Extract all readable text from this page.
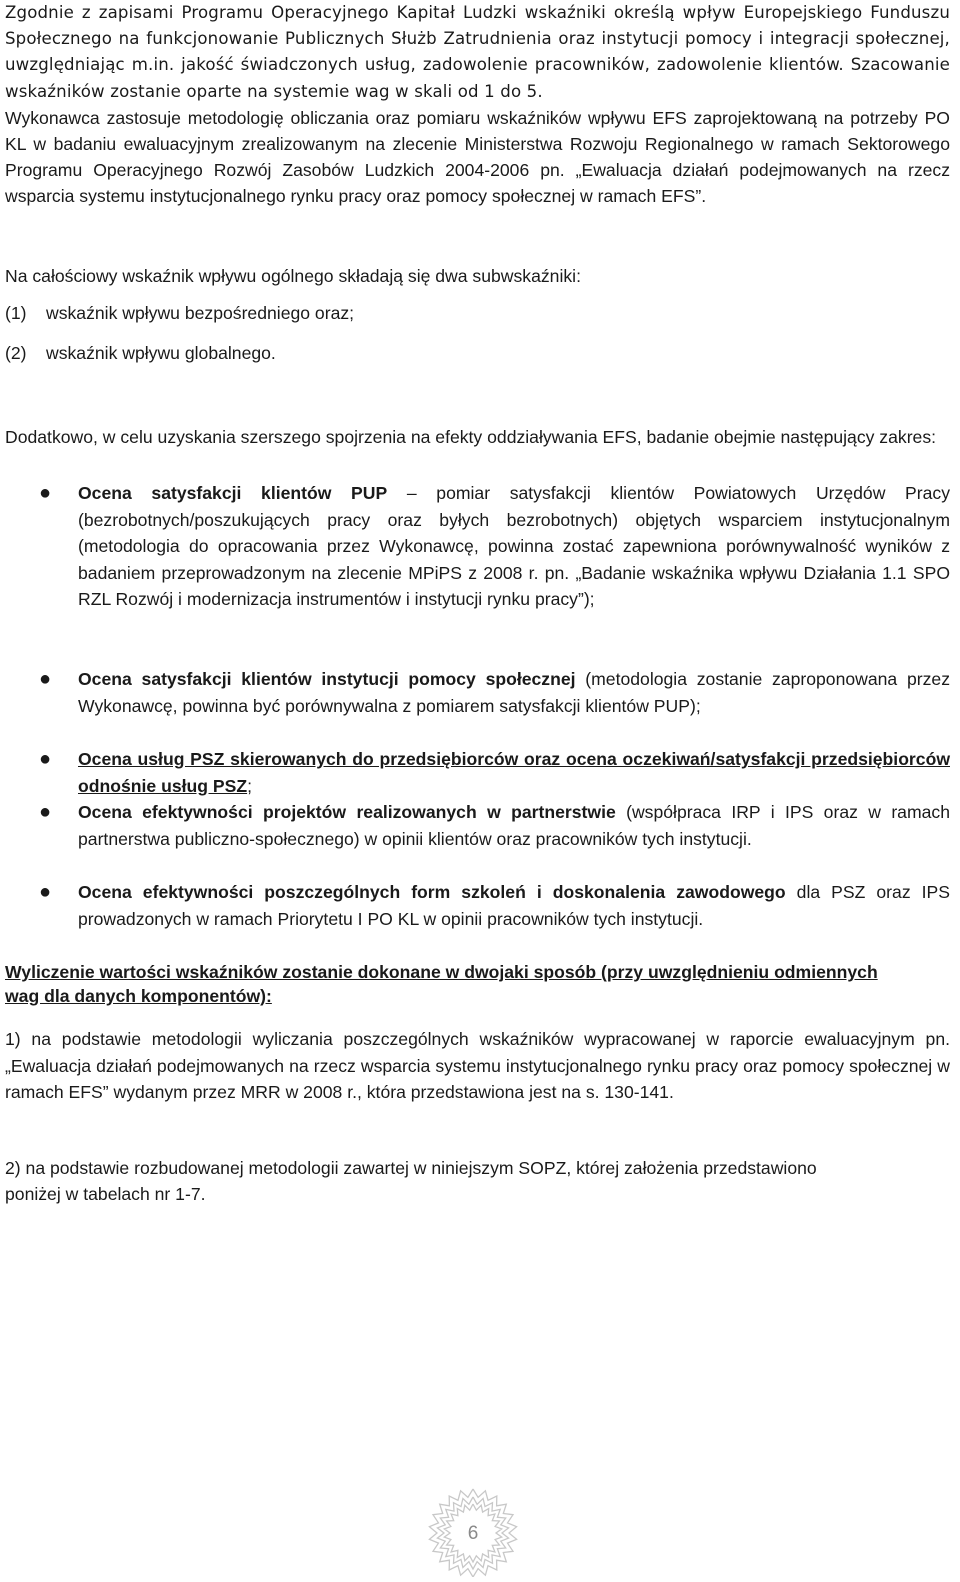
Zgodnie z zapisami Programu Operacyjnego Kapitał Ludzki wskaźniki określą wpływ Europejskiego Funduszu Społecznego na funkcjonowanie Publicznych Służb Zatrudnienia oraz instytucji pomocy i integracji społecznej, uwzględniając m.in. jakość świadczonych usług, zadowolenie pracowników, zadowolenie klientów. Szacowanie wskaźników zostanie oparte na systemie wag w skali od 1 do 5.

Wykonawca zastosuje metodologię obliczania oraz pomiaru wskaźników wpływu EFS zaprojektowaną na potrzeby PO KL w badaniu ewaluacyjnym zrealizowanym na zlecenie Ministerstwa Rozwoju Regionalnego w ramach Sektorowego Programu Operacyjnego Rozwój Zasobów Ludzkich 2004-2006 pn. „Ewaluacja działań podejmowanych na rzecz wsparcia systemu instytucjonalnego rynku pracy oraz pomocy społecznej w ramach EFS”.

Na całościowy wskaźnik wpływu ogólnego składają się dwa subwskaźniki:

(1) wskaźnik wpływu bezpośredniego oraz;
(2) wskaźnik wpływu globalnego.

Dodatkowo, w celu uzyskania szerszego spojrzenia na efekty oddziaływania EFS, badanie obejmie następujący zakres:

● Ocena satysfakcji klientów PUP – pomiar satysfakcji klientów Powiatowych Urzędów Pracy (bezrobotnych/poszukujących pracy oraz byłych bezrobotnych) objętych wsparciem instytucjonalnym (metodologia do opracowania przez Wykonawcę, powinna zostać zapewniona porównywalność wyników z badaniem przeprowadzonym na zlecenie MPiPS z 2008 r. pn. „Badanie wskaźnika wpływu Działania 1.1 SPO RZL Rozwój i modernizacja instrumentów i instytucji rynku pracy”);
● Ocena satysfakcji klientów instytucji pomocy społecznej (metodologia zostanie zaproponowana przez Wykonawcę, powinna być porównywalna z pomiarem satysfakcji klientów PUP);
● Ocena usług PSZ skierowanych do przedsiębiorców oraz ocena oczekiwań/satysfakcji przedsiębiorców odnośnie usług PSZ;
● Ocena efektywności projektów realizowanych w partnerstwie (współpraca IRP i IPS oraz w ramach partnerstwa publiczno-społecznego) w opinii klientów oraz pracowników tych instytucji.
● Ocena efektywności poszczególnych form szkoleń i doskonalenia zawodowego dla PSZ oraz IPS prowadzonych w ramach Priorytetu I PO KL w opinii pracowników tych instytucji.

Wyliczenie wartości wskaźników zostanie dokonane w dwojaki sposób (przy uwzględnieniu odmiennych wag dla danych komponentów):

1) na podstawie metodologii wyliczania poszczególnych wskaźników wypracowanej w raporcie ewaluacyjnym pn. „Ewaluacja działań podejmowanych na rzecz wsparcia systemu instytucjonalnego rynku pracy oraz pomocy społecznej w ramach EFS” wydanym przez MRR w 2008 r., która przedstawiona jest na s. 130-141.

2) na podstawie rozbudowanej metodologii zawartej w niniejszym SOPZ, której założenia przedstawiono poniżej w tabelach nr 1-7.

6
